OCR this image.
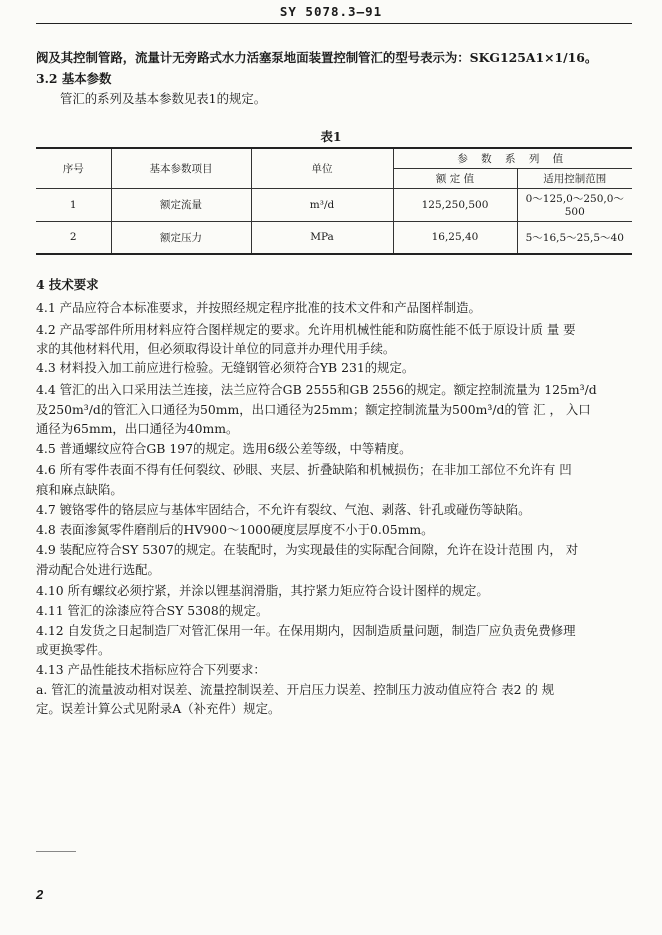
SY 5078.3—91
阀及其控制管路，流量计无旁路式水力活塞泵地面装置控制管汇的型号表示为：SKG125A1×1/16。
3.2 基本参数
管汇的系列及基本参数见表1的规定。
表1
序号	基本参数项目	单位	参 数 系 列 值	
			额 定 值	适用控制范围
1	额定流量	m³/d	125,250,500	0～125,0～250,0～500
2	额定压力	MPa	16,25,40	5～16,5～25,5～40
4 技术要求
4.1 产品应符合本标准要求，并按照经规定程序批准的技术文件和产品图样制造。
4.2 产品零部件所用材料应符合图样规定的要求。允许用机械性能和防腐性能不低于原设计质 量 要
求的其他材料代用，但必须取得设计单位的同意并办理代用手续。
4.3 材料投入加工前应进行检验。无缝钢管必须符合YB 231的规定。
4.4 管汇的出入口采用法兰连接，法兰应符合GB 2555和GB 2556的规定。额定控制流量为 125m³/d
及250m³/d的管汇入口通径为50mm，出口通径为25mm；额定控制流量为500m³/d的管 汇 ， 入口
通径为65mm，出口通径为40mm。
4.5 普通螺纹应符合GB 197的规定。选用6级公差等级，中等精度。
4.6 所有零件表面不得有任何裂纹、砂眼、夹层、折叠缺陷和机械损伤；在非加工部位不允许有 凹
痕和麻点缺陷。
4.7 镀铬零件的铬层应与基体牢固结合，不允许有裂纹、气泡、剥落、针孔或碰伤等缺陷。
4.8 表面渗氮零件磨削后的HV900～1000硬度层厚度不小于0.05mm。
4.9 装配应符合SY 5307的规定。在装配时，为实现最佳的实际配合间隙，允许在设计范围 内， 对
滑动配合处进行选配。
4.10 所有螺纹必须拧紧，并涂以锂基润滑脂，其拧紧力矩应符合设计图样的规定。
4.11 管汇的涂漆应符合SY 5308的规定。
4.12 自发货之日起制造厂对管汇保用一年。在保用期内，因制造质量问题，制造厂应负责免费修理
或更换零件。
4.13 产品性能技术指标应符合下列要求：
a. 管汇的流量波动相对误差、流量控制误差、开启压力误差、控制压力波动值应符合 表2 的 规
定。误差计算公式见附录A（补充件）规定。
2
